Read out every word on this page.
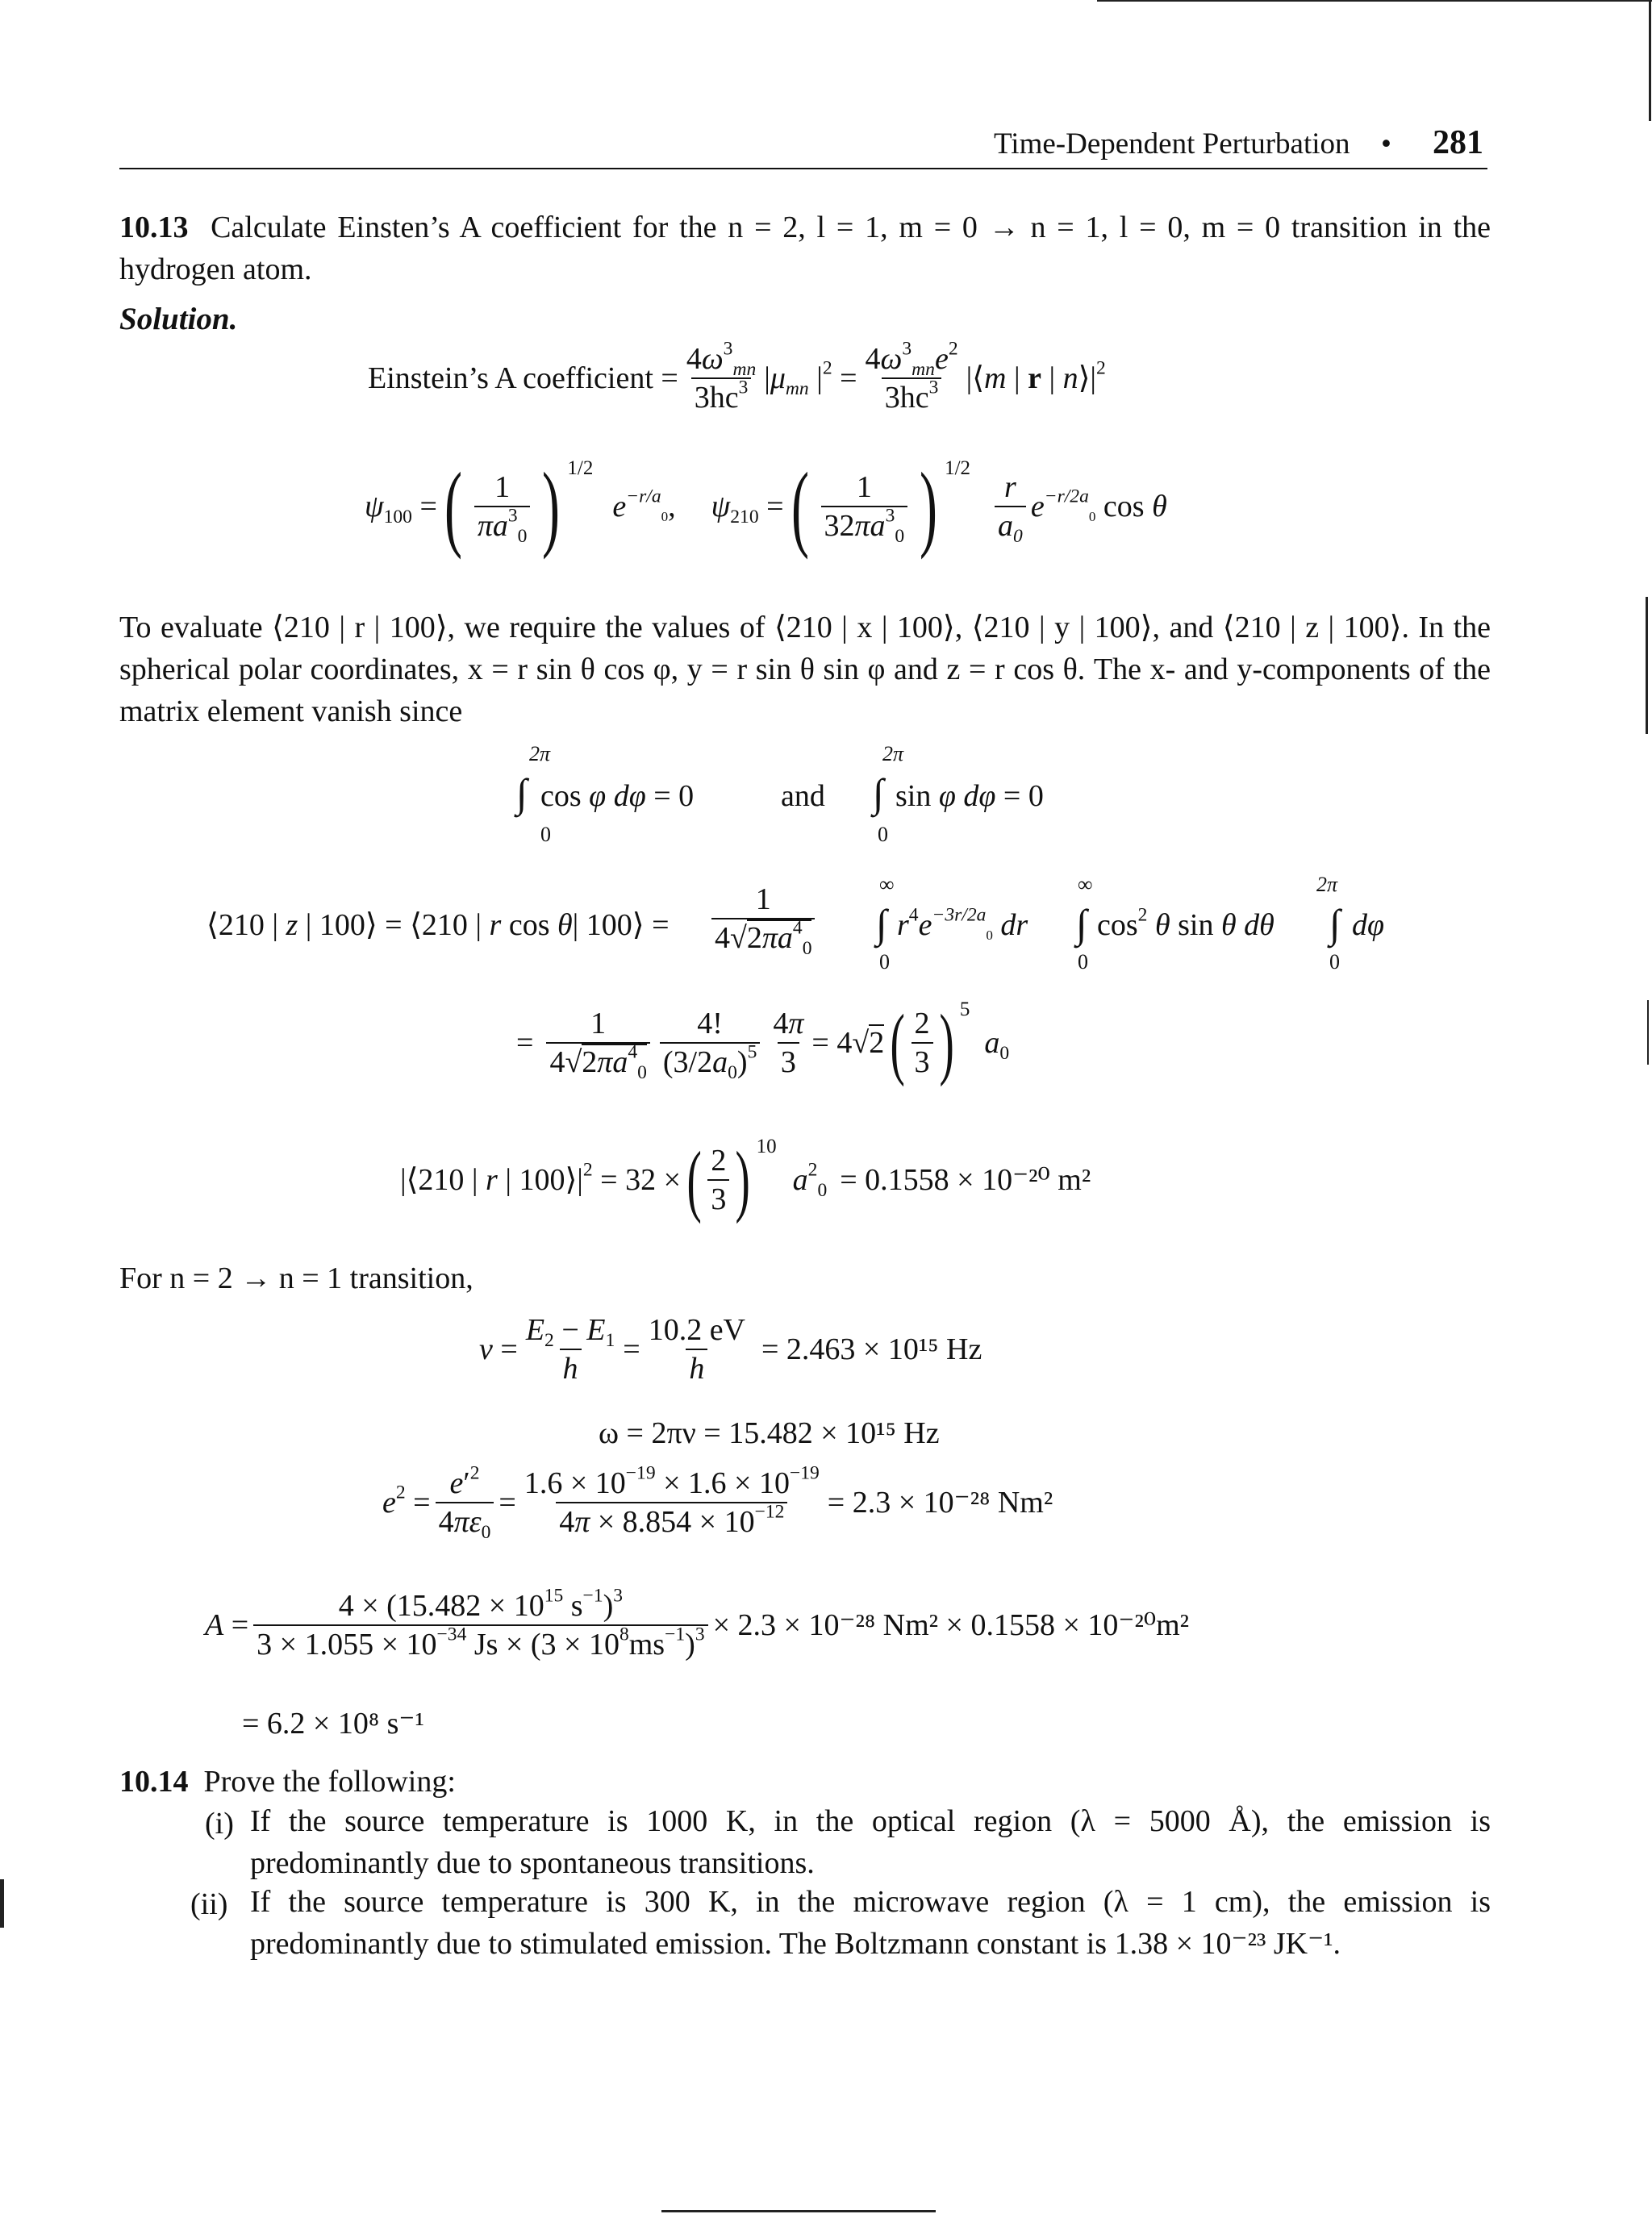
Time-Dependent Perturbation • 281
10.13 Calculate Einsten’s A coefficient for the n = 2, l = 1, m = 0 → n = 1, l = 0, m = 0 transition in the hydrogen atom.
Solution.
Einstein’s A coefficient = $\frac{4\omega^3_{mn}}{3hc^3} |\mu_{mn}$ $|^2 = \frac{4\omega^3_{mn}e^2}{3hc^3}$ |⟨m | r | $n⟩|^2$
$\psi_{100}$ = ( $\frac{1}{\pi a^3_0}$ ) 1/2
$e^{-r/a}_0$, $\psi_{210}$ = ( $\frac{1}{32\pi a^3_0}$ ) 1/2
$\frac{r}{a_0} e^{-r/2a}_0$ cos θ
To evaluate ⟨210 | r | 100⟩, we require the values of ⟨210 | x | 100⟩, ⟨210 | y | 100⟩, and ⟨210 | z | 100⟩. In the spherical polar coordinates, x = r sin θ cos φ, y = r sin θ sin φ and z = r cos θ. The x- and y-components of the matrix element vanish since
2π
∫ cos φ dφ = 0
0
and
2π
∫ sin φ dφ = 0
0
⟨210 | z | 100⟩ = ⟨210 | r cos θ| 100⟩ = $\frac{1}{4√2\pi a^4_0}$	∞
∫ $r^4e^{-3r/2a}_0$ dr
0
∞
∫ $\cos^2 \theta$ sin θ dθ
0
2π
∫ dφ
0
= $\frac{1}{4√2\pi a^4_0} \frac{4!}{(3/2a_0)^5} \frac{4\pi}{3} = 4√2$ ( $\frac{2}{3}$ ) 5
$a_0$
|⟨210 | r | $100⟩|^2 = 32$ × ( $\frac{2}{3}$ ) 10
$a^2_0 = 0.1558 \times 10^{-20}$ m²
For n = 2 → n = 1 transition,
$\nu = \frac{E_2 - E_1}{h} = \frac{10.2 eV}{h} = 2.463 \times 10^{15}$ Hz
ω = 2πν = 15.482 × 10¹⁵ Hz
$e^2 = \frac{e'^2}{4\pi\varepsilon_0} = \frac{1.6 \times 10^{-19} \times 1.6 \times 10^{-19}}{4\pi \times 8.854 \times 10^{-12}} = 2.3 \times 10^{-28}$ Nm²
$A = \frac{4 \times (15.482 \times 10^{15} s^{-1})^3}{3 \times 1.055 \times 10^{-34} Js \times (3 \times 10^8ms^{-1})^3} \times 2.3 \times 10^{-28}$ Nm² × 0.1558 × 10⁻²⁰m²
= 6.2 × 10⁸ s⁻¹
10.14 Prove the following:
(i) If the source temperature is 1000 K, in the optical region (λ = 5000 Å), the emission is predominantly due to spontaneous transitions.
(ii) If the source temperature is 300 K, in the microwave region (λ = 1 cm), the emission is predominantly due to stimulated emission. The Boltzmann constant is 1.38 × 10⁻²³ JK⁻¹.
